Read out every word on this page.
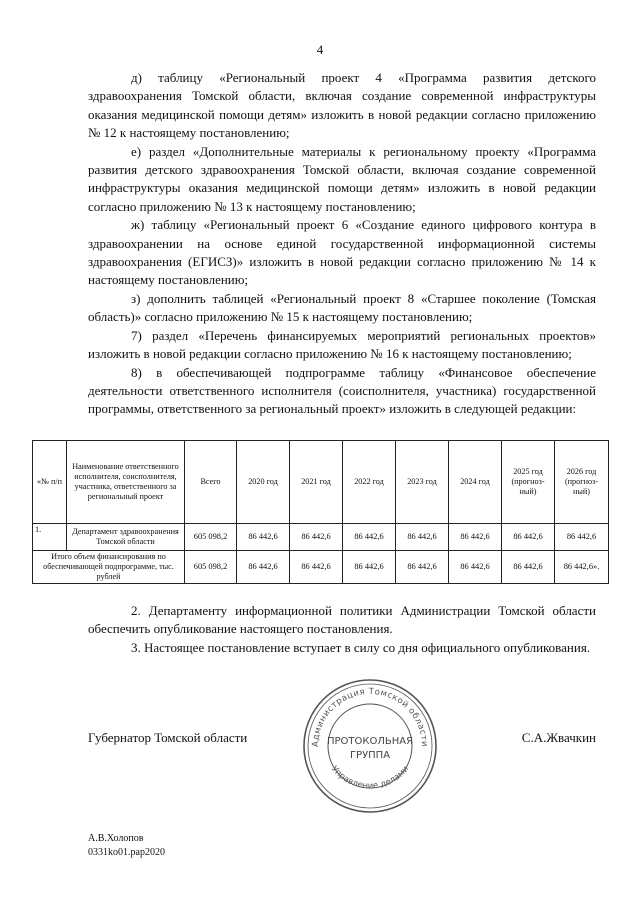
4

д) таблицу «Региональный проект 4 «Программа развития детского здравоохранения Томской области, включая создание современной инфраструктуры оказания медицинской помощи детям» изложить в новой редакции согласно приложению № 12 к настоящему постановлению;

е) раздел «Дополнительные материалы к региональному проекту «Программа развития детского здравоохранения Томской области, включая создание современной инфраструктуры оказания медицинской помощи детям» изложить в новой редакции согласно приложению № 13 к настоящему постановлению;

ж) таблицу «Региональный проект 6 «Создание единого цифрового контура в здравоохранении на основе единой государственной информационной системы здравоохранения (ЕГИСЗ)» изложить в новой редакции согласно приложению № 14 к настоящему постановлению;

з) дополнить таблицей «Региональный проект 8 «Старшее поколение (Томская область)» согласно приложению № 15 к настоящему постановлению;

7) раздел «Перечень финансируемых мероприятий региональных проектов» изложить в новой редакции согласно приложению № 16 к настоящему постановлению;

8) в обеспечивающей подпрограмме таблицу «Финансовое обеспечение деятельности ответственного исполнителя (соисполнителя, участника) государственной программы, ответственного за региональный проект» изложить в следующей редакции:

«№ п/п	Наименование ответственного исполнителя, соисполнителя, участника, ответственного за региональный проект	Всего	2020 год	2021 год	2022 год	2023 год	2024 год	2025 год (прогноз-ный)	2026 год (прогноз-ный)
1.	Департамент здравоохранения Томской области	605 098,2	86 442,6	86 442,6	86 442,6	86 442,6	86 442,6	86 442,6	86 442,6
Итого объем финансирования по обеспечивающей подпрограмме, тыс. рублей		605 098,2	86 442,6	86 442,6	86 442,6	86 442,6	86 442,6	86 442,6	86 442,6».

2. Департаменту информационной политики Администрации Томской области обеспечить опубликование настоящего постановления.

3. Настоящее постановление вступает в силу со дня официального опубликования.

Администрация Томской области
Управление делами
ПРОТОКОЛЬНАЯ
ГРУППА
Губернатор Томской области	С.А.Жвачкин
А.В.Холопов
0331ko01.pap2020
